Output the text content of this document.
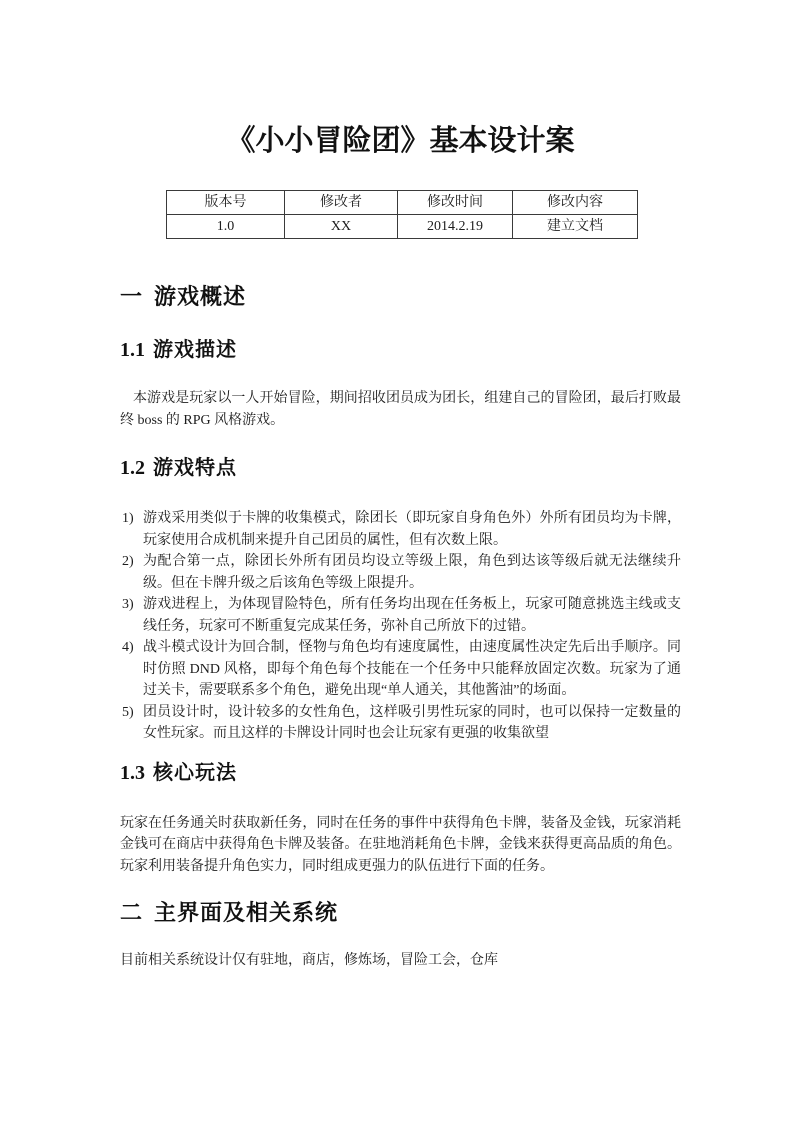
《小小冒险团》基本设计案
版本号	修改者	修改时间	修改内容
1.0	XX	2014.2.19	建立文档
一 游戏概述
1.1 游戏描述

本游戏是玩家以一人开始冒险，期间招收团员成为团长，组建自己的冒险团，最后打败最终 boss 的 RPG 风格游戏。

1.2 游戏特点
1) 游戏采用类似于卡牌的收集模式，除团长（即玩家自身角色外）外所有团员均为卡牌，玩家使用合成机制来提升自己团员的属性，但有次数上限。
2) 为配合第一点，除团长外所有团员均设立等级上限，角色到达该等级后就无法继续升级。但在卡牌升级之后该角色等级上限提升。
3) 游戏进程上，为体现冒险特色，所有任务均出现在任务板上，玩家可随意挑选主线或支线任务，玩家可不断重复完成某任务，弥补自己所放下的过错。
4) 战斗模式设计为回合制，怪物与角色均有速度属性，由速度属性决定先后出手顺序。同时仿照 DND 风格，即每个角色每个技能在一个任务中只能释放固定次数。玩家为了通过关卡，需要联系多个角色，避免出现“单人通关，其他酱油”的场面。
5) 团员设计时，设计较多的女性角色，这样吸引男性玩家的同时，也可以保持一定数量的女性玩家。而且这样的卡牌设计同时也会让玩家有更强的收集欲望
1.3 核心玩法

玩家在任务通关时获取新任务，同时在任务的事件中获得角色卡牌，装备及金钱，玩家消耗金钱可在商店中获得角色卡牌及装备。在驻地消耗角色卡牌，金钱来获得更高品质的角色。玩家利用装备提升角色实力，同时组成更强力的队伍进行下面的任务。

二 主界面及相关系统

目前相关系统设计仅有驻地，商店，修炼场，冒险工会，仓库
